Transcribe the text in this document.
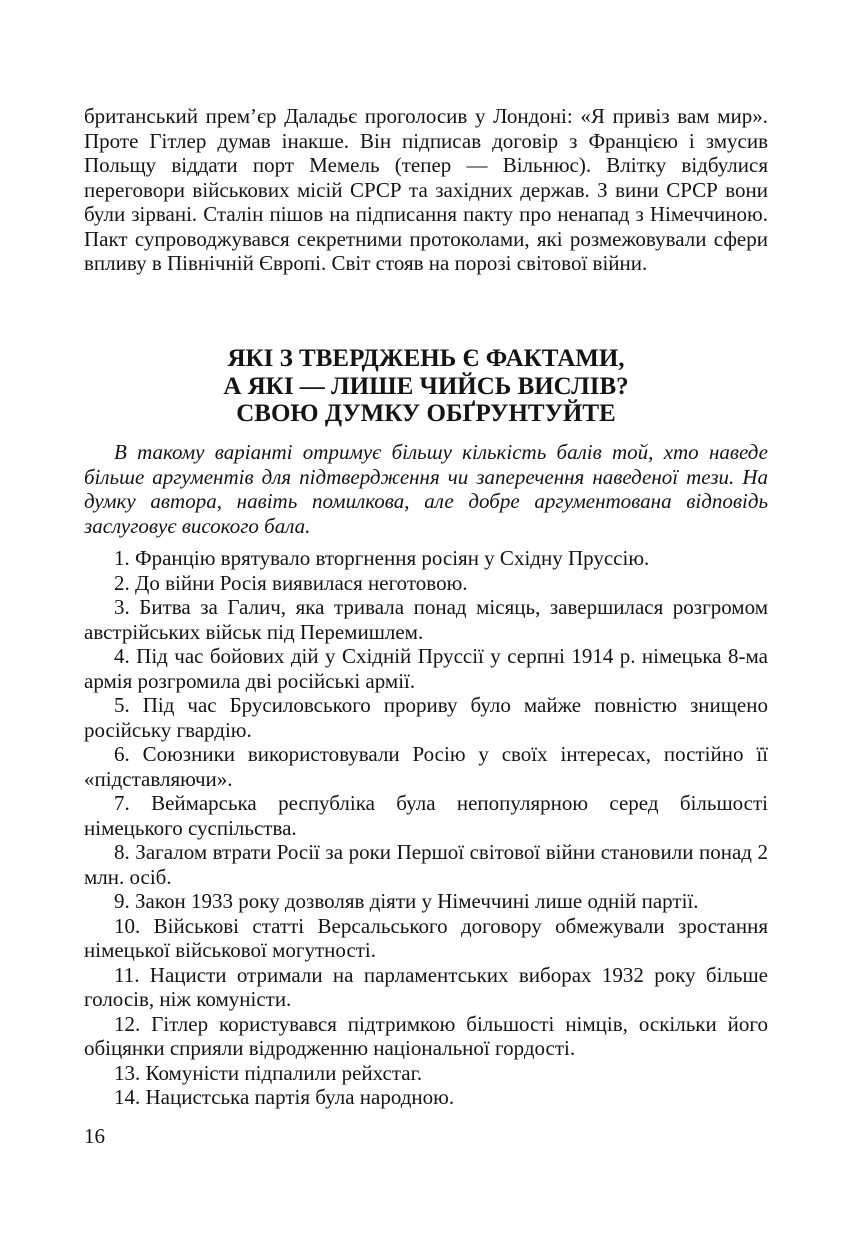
британський прем’єр Даладьє проголосив у Лондоні: «Я привіз вам мир». Проте Гітлер думав інакше. Він підписав договір з Францією і змусив Польщу віддати порт Мемель (тепер — Вільнюс). Влітку відбулися переговори військових місій СРСР та західних держав. З вини СРСР вони були зірвані. Сталін пішов на підписання пакту про ненапад з Німеччиною. Пакт супроводжувався секретними протоколами, які розмежовували сфери впливу в Північній Європі. Світ стояв на порозі світової війни.

ЯКІ З ТВЕРДЖЕНЬ Є ФАКТАМИ,
А ЯКІ — ЛИШЕ ЧИЙСЬ ВИСЛІВ?
СВОЮ ДУМКУ ОБҐРУНТУЙТЕ
В такому варіанті отримує більшу кількість балів той, хто наведе більше аргументів для підтвердження чи заперечення наведеної тези. На думку автора, навіть помилкова, але добре аргументована відповідь заслуговує високого бала.
1. Францію врятувало вторгнення росіян у Східну Пруссію.
2. До війни Росія виявилася неготовою.
3. Битва за Галич, яка тривала понад місяць, завершилася розгромом австрійських військ під Перемишлем.
4. Під час бойових дій у Східній Пруссії у серпні 1914 р. німецька 8-ма армія розгромила дві російські армії.
5. Під час Брусиловського прориву було майже повністю знищено російську гвардію.
6. Союзники використовували Росію у своїх інтересах, постійно її «підставляючи».
7. Веймарська республіка була непопулярною серед більшості німецького суспільства.
8. Загалом втрати Росії за роки Першої світової війни становили понад 2 млн. осіб.
9. Закон 1933 року дозволяв діяти у Німеччині лише одній партії.
10. Військові статті Версальського договору обмежували зростання німецької військової могутності.
11. Нацисти отримали на парламентських виборах 1932 року більше голосів, ніж комуністи.
12. Гітлер користувався підтримкою більшості німців, оскільки його обіцянки сприяли відродженню національної гордості.
13. Комуністи підпалили рейхстаг.
14. Нацистська партія була народною.
16
